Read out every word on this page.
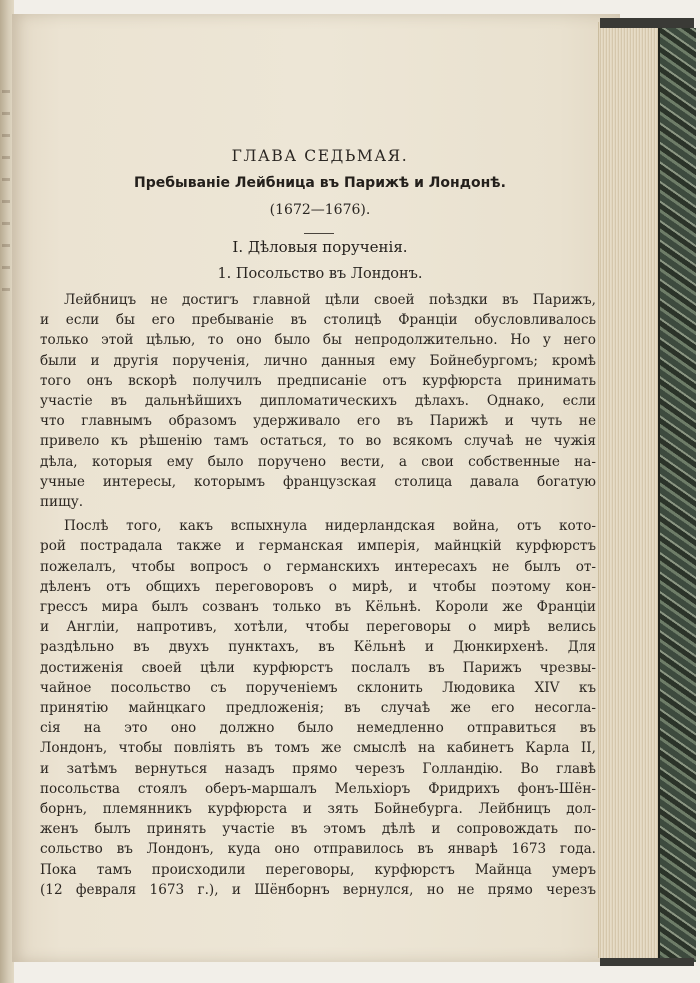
ГЛАВА СЕДЬМАЯ.
Пребываніе Лейбница въ Парижѣ и Лондонѣ.
(1672—1676).
I. Дѣловыя порученія.
1. Посольство въ Лондонъ.
Лейбницъ не достигъ главной цѣли своей поѣздки въ Парижъ,
и если бы его пребываніе въ столицѣ Франціи обусловливалось
только этой цѣлью, то оно было бы непродолжительно. Но у него
были и другія порученія, лично данныя ему Бойнебургомъ; кромѣ
того онъ вскорѣ получилъ предписаніе отъ курфюрста принимать
участіе въ дальнѣйшихъ дипломатическихъ дѣлахъ. Однако, если
что главнымъ образомъ удерживало его въ Парижѣ и чуть не
привело къ рѣшенію тамъ остаться, то во всякомъ случаѣ не чужія
дѣла, которыя ему было поручено вести, а свои собственные на-
учные интересы, которымъ французская столица давала богатую
пищу.
Послѣ того, какъ вспыхнула нидерландская война, отъ кото-
рой пострадала также и германская имперія, майнцкій курфюрстъ
пожелалъ, чтобы вопросъ о германскихъ интересахъ не былъ от-
дѣленъ отъ общихъ переговоровъ о мирѣ, и чтобы поэтому кон-
грессъ мира былъ созванъ только въ Кёльнѣ. Короли же Франціи
и Англіи, напротивъ, хотѣли, чтобы переговоры о мирѣ велись
раздѣльно въ двухъ пунктахъ, въ Кёльнѣ и Дюнкирхенѣ. Для
достиженія своей цѣли курфюрстъ послалъ въ Парижъ чрезвы-
чайное посольство съ порученіемъ склонить Людовика XIV къ
принятію майнцкаго предложенія; въ случаѣ же его несогла-
сія на это оно должно было немедленно отправиться въ
Лондонъ, чтобы повліять въ томъ же смыслѣ на кабинетъ Карла II,
и затѣмъ вернуться назадъ прямо черезъ Голландію. Во главѣ
посольства стоялъ оберъ-маршалъ Мельхіоръ Фридрихъ фонъ-Шён-
борнъ, племянникъ курфюрста и зять Бойнебурга. Лейбницъ дол-
женъ былъ принять участіе въ этомъ дѣлѣ и сопровождать по-
сольство въ Лондонъ, куда оно отправилось въ январѣ 1673 года.
Пока тамъ происходили переговоры, курфюрстъ Майнца умеръ
(12 февраля 1673 г.), и Шёнборнъ вернулся, но не прямо черезъ
